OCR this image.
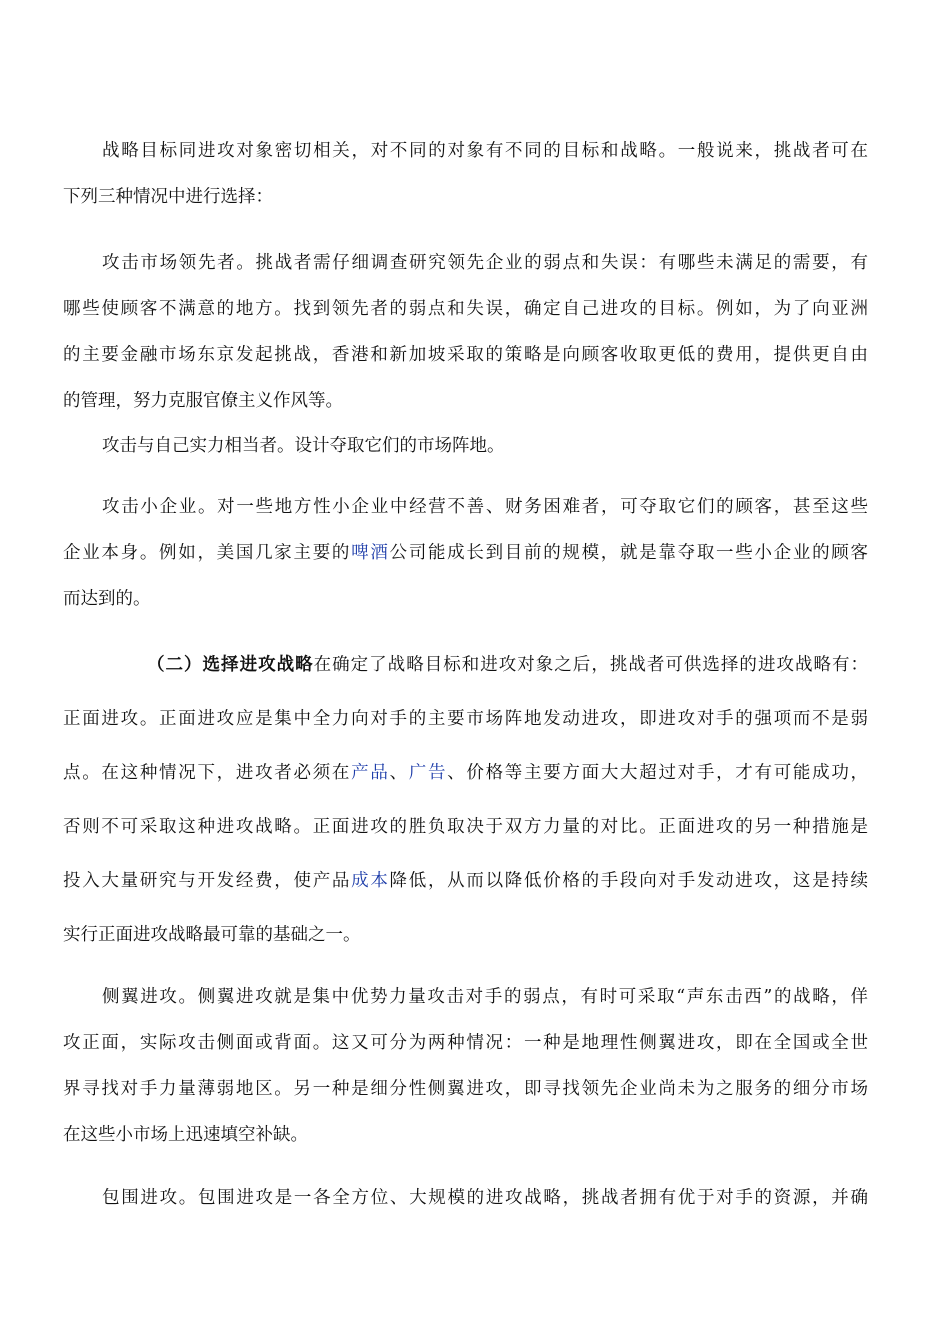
战略目标同进攻对象密切相关，对不同的对象有不同的目标和战略。一般说来，挑战者可在
下列三种情况中进行选择：
攻击市场领先者。挑战者需仔细调查研究领先企业的弱点和失误：有哪些未满足的需要，有
哪些使顾客不满意的地方。找到领先者的弱点和失误，确定自己进攻的目标。例如，为了向亚洲
的主要金融市场东京发起挑战，香港和新加坡采取的策略是向顾客收取更低的费用，提供更自由
的管理，努力克服官僚主义作风等。
攻击与自己实力相当者。设计夺取它们的市场阵地。
攻击小企业。对一些地方性小企业中经营不善、财务困难者，可夺取它们的顾客，甚至这些
企业本身。例如，美国几家主要的啤酒公司能成长到目前的规模，就是靠夺取一些小企业的顾客
而达到的。
（二）选择进攻战略在确定了战略目标和进攻对象之后，挑战者可供选择的进攻战略有：
正面进攻。正面进攻应是集中全力向对手的主要市场阵地发动进攻，即进攻对手的强项而不是弱
点。在这种情况下，进攻者必须在产品、广告、价格等主要方面大大超过对手，才有可能成功，
否则不可采取这种进攻战略。正面进攻的胜负取决于双方力量的对比。正面进攻的另一种措施是
投入大量研究与开发经费，使产品成本降低，从而以降低价格的手段向对手发动进攻，这是持续
实行正面进攻战略最可靠的基础之一。
侧翼进攻。侧翼进攻就是集中优势力量攻击对手的弱点，有时可采取“声东击西”的战略，佯
攻正面，实际攻击侧面或背面。这又可分为两种情况：一种是地理性侧翼进攻，即在全国或全世
界寻找对手力量薄弱地区。另一种是细分性侧翼进攻，即寻找领先企业尚未为之服务的细分市场
在这些小市场上迅速填空补缺。
包围进攻。包围进攻是一各全方位、大规模的进攻战略，挑战者拥有优于对手的资源，并确
